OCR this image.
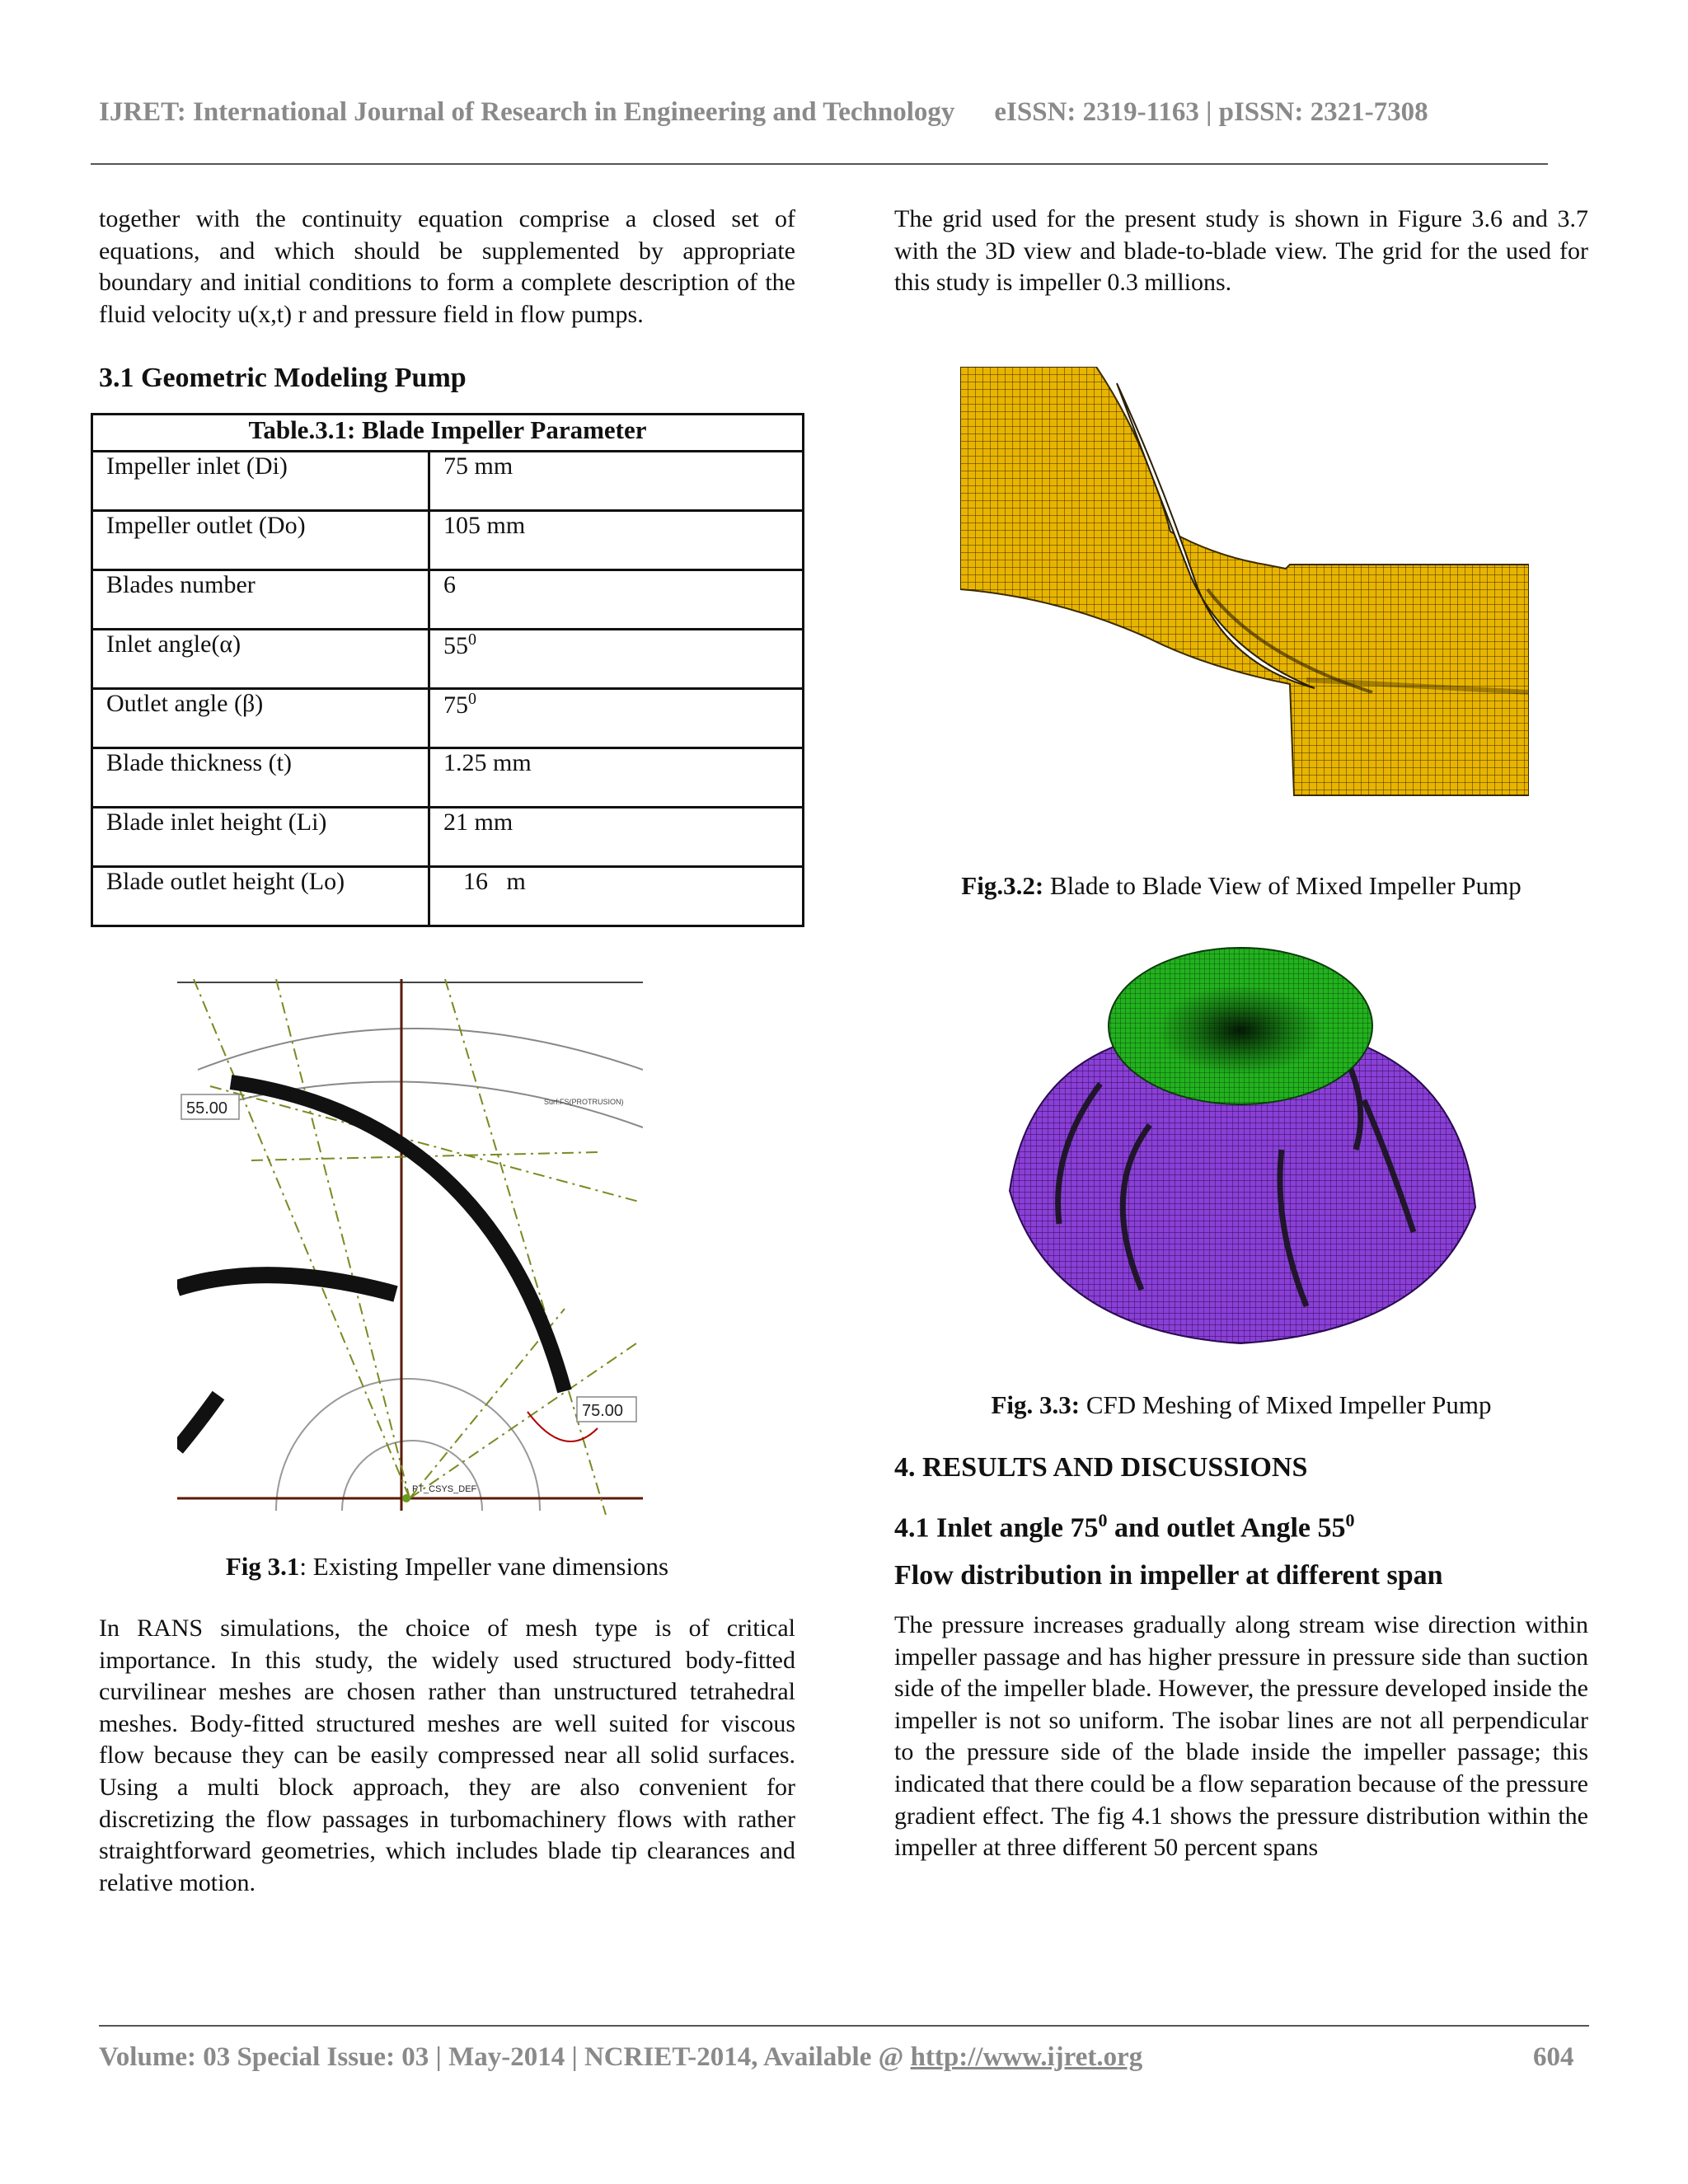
IJRET: International Journal of Research in Engineering and Technology eISSN: 2319-1163 | pISSN: 2321-7308

together with the continuity equation comprise a closed set of equations, and which should be supplemented by appropriate boundary and initial conditions to form a complete description of the fluid velocity u(x,t) r and pressure field in flow pumps.

3.1 Geometric Modeling Pump

Table.3.1: Blade Impeller Parameter	
Impeller inlet (Di)	75 mm
Impeller outlet (Do)	105 mm
Blades number	6
Inlet angle(α)	$55^0$
Outlet angle (β)	$75^0$
Blade thickness (t)	1.25 mm
Blade inlet height (Li)	21 mm
Blade outlet height (Lo)	16   m
55.00
75.00
Surf:FS(PROTRUSION)
PT_CSYS_DEF
Fig 3.1: Existing Impeller vane dimensions

In RANS simulations, the choice of mesh type is of critical importance. In this study, the widely used structured body-fitted curvilinear meshes are chosen rather than unstructured tetrahedral meshes. Body-fitted structured meshes are well suited for viscous flow because they can be easily compressed near all solid surfaces. Using a multi block approach, they are also convenient for discretizing the flow passages in turbomachinery flows with rather straightforward geometries, which includes blade tip clearances and relative motion.

The grid used for the present study is shown in Figure 3.6 and 3.7 with the 3D view and blade-to-blade view. The grid for the used for this study is impeller 0.3 millions.

Fig.3.2: Blade to Blade View of Mixed Impeller Pump
Fig. 3.3: CFD Meshing of Mixed Impeller Pump

4. RESULTS AND DISCUSSIONS

4.1 Inlet angle $75^0$ and outlet Angle $55^0$

Flow distribution in impeller at different span

The pressure increases gradually along stream wise direction within impeller passage and has higher pressure in pressure side than suction side of the impeller blade. However, the pressure developed inside the impeller is not so uniform. The isobar lines are not all perpendicular to the pressure side of the blade inside the impeller passage; this indicated that there could be a flow separation because of the pressure gradient effect. The fig 4.1 shows the pressure distribution within the impeller at three different 50 percent spans

Volume: 03 Special Issue: 03 | May-2014 | NCRIET-2014, Available @ http://www.ijret.org	604
